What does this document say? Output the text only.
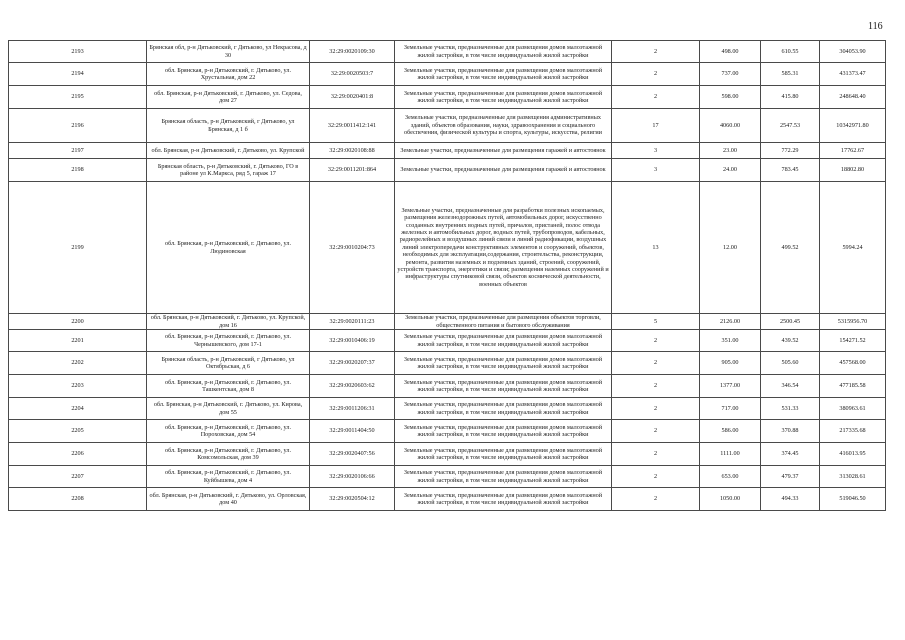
116
2193	Брянская обл, р-н Дятьковский, г Дятьково, ул Некрасова, д 30	32:29:0020109:30	Земельные участки, предназначенные для размещения домов малоэтажной жилой застройки, в том числе индивидуальной жилой застройки	2	498.00	610.55	304053.90
2194	обл. Брянская, р-н Дятьковский, г. Дятьково, ул. Хрустальная, дом 22	32:29:0020503:7	Земельные участки, предназначенные для размещения домов малоэтажной жилой застройки, в том числе индивидуальной жилой застройки	2	737.00	585.31	431373.47
2195	обл. Брянская, р-н Дятьковский, г. Дятьково, ул. Седова, дом 27	32:29:0020401:8	Земельные участки, предназначенные для размещения домов малоэтажной жилой застройки, в том числе индивидуальной жилой застройки	2	598.00	415.80	248648.40
2196	Брянская область, р-н Дятьковский, г Дятьково, ул Брянская, д 1 б	32:29:0011412:141	Земельные участки, предназначенные для размещения административных зданий, объектов образования, науки, здравоохранения и социального обеспечения, физической культуры и спорта, культуры, искусства, религии	17	4060.00	2547.53	10342971.80
2197	обл. Брянская, р-н Дятьковский, г. Дятьково, ул. Крупской	32:29:0020108:88	Земельные участки, предназначенные для размещения гаражей и автостоянок	3	23.00	772.29	17762.67
2198	Брянская область, р-н Дятьковский, г. Дятьково, ГО в районе ул К.Маркса, ряд 5, гараж 17	32:29:0011201:864	Земельные участки, предназначенные для размещения гаражей и автостоянок	3	24.00	783.45	18802.80
2199	обл. Брянская, р-н Дятьковский, г. Дятьково, ул. Людиновская	32:29:0010204:73	Земельные участки, предназначенные для разработки полезных ископаемых, размещения железнодорожных путей, автомобильных дорог, искусственно созданных внутренних водных путей, причалов, пристаней, полос отвода железных и автомобильных дорог, водных путей, трубопроводов, кабельных, радиорелейных и воздушных линий связи и линий радиофикации, воздушных линий электропередачи конструктивных элементов и сооружений, объектов, необходимых для эксплуатации,содержания, строительства, реконструкции, ремонта, развития наземных и подземных зданий, строений, сооружений, устройств транспорта, энергетики и связи; размещения наземных сооружений и инфраструктуры спутниковой связи, объектов космической деятельности, военных объектов	13	12.00	499.52	5994.24
2200	обл. Брянская, р-н Дятьковский, г. Дятьково, ул. Крупской, дом 16	32:29:0020111:23	Земельные участки, предназначенные для размещения объектов торговли, общественного питания и бытового обслуживания	5	2126.00	2500.45	5315956.70
2201	обл. Брянская, р-н Дятьковский, г. Дятьково, ул. Чернышевского, дом 17-1	32:29:0010406:19	Земельные участки, предназначенные для размещения домов малоэтажной жилой застройки, в том числе индивидуальной жилой застройки	2	351.00	439.52	154271.52
2202	Брянская область, р-н Дятьковский, г Дятьково, ул Октябрьская, д 6	32:29:0020207:37	Земельные участки, предназначенные для размещения домов малоэтажной жилой застройки, в том числе индивидуальной жилой застройки	2	905.00	505.60	457568.00
2203	обл. Брянская, р-н Дятьковский, г. Дятьково, ул. Ташкентская, дом 8	32:29:0020603:62	Земельные участки, предназначенные для размещения домов малоэтажной жилой застройки, в том числе индивидуальной жилой застройки	2	1377.00	346.54	477185.58
2204	обл. Брянская, р-н Дятьковский, г. Дятьково, ул. Кирова, дом 55	32:29:0011206:31	Земельные участки, предназначенные для размещения домов малоэтажной жилой застройки, в том числе индивидуальной жилой застройки	2	717.00	531.33	380963.61
2205	обл. Брянская, р-н Дятьковский, г. Дятьково, ул. Пороховская, дом 54	32:29:0011404:50	Земельные участки, предназначенные для размещения домов малоэтажной жилой застройки, в том числе индивидуальной жилой застройки	2	586.00	370.88	217335.68
2206	обл. Брянская, р-н Дятьковский, г. Дятьково, ул. Комсомольская, дом 39	32:29:0020407:56	Земельные участки, предназначенные для размещения домов малоэтажной жилой застройки, в том числе индивидуальной жилой застройки	2	1111.00	374.45	416013.95
2207	обл. Брянская, р-н Дятьковский, г. Дятьково, ул. Куйбышева, дом 4	32:29:0020106:66	Земельные участки, предназначенные для размещения домов малоэтажной жилой застройки, в том числе индивидуальной жилой застройки	2	653.00	479.37	313028.61
2208	обл. Брянская, р-н Дятьковский, г. Дятьково, ул. Орловская, дом 40	32:29:0020504:12	Земельные участки, предназначенные для размещения домов малоэтажной жилой застройки, в том числе индивидуальной жилой застройки	2	1050.00	494.33	519046.50
